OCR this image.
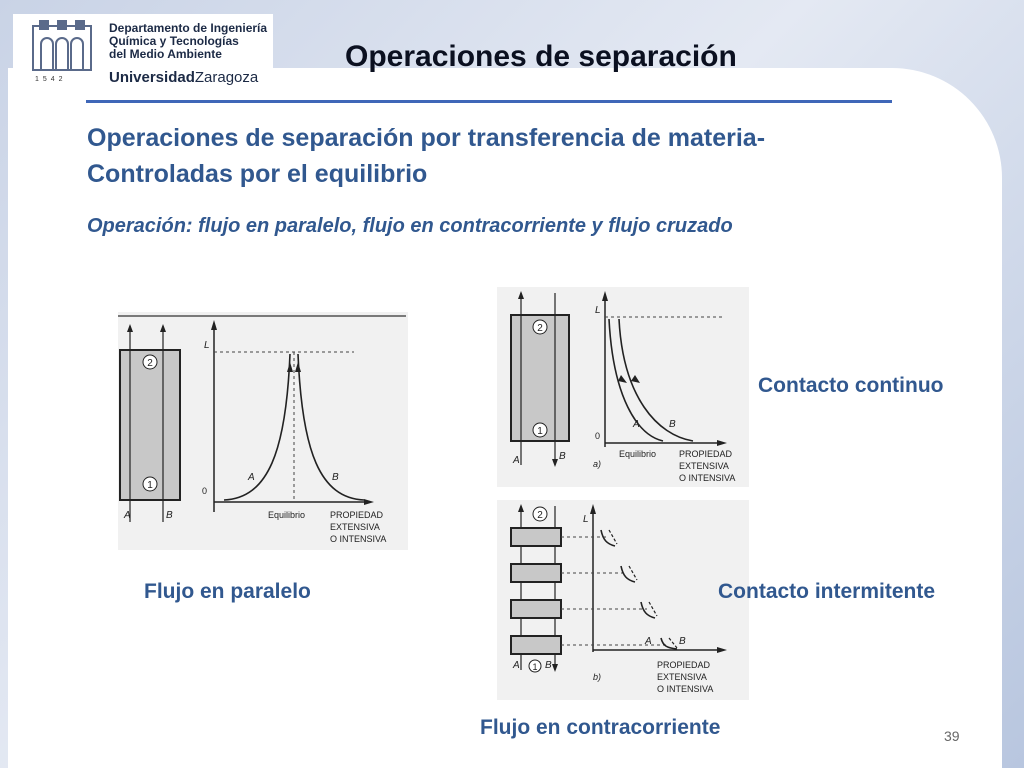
Departamento de Ingeniería
Química y Tecnologías
del Medio Ambiente
UniversidadZaragoza
1542
Operaciones de separación
Operaciones de separación por transferencia de materia-
Controladas por el equilibrio
Operación: flujo en paralelo, flujo en contracorriente y flujo cruzado
2
1
A	B
L
0
A	B
Equilibrio	PROPIEDAD
EXTENSIVA
O INTENSIVA
2
1
A	B
L
0
A	B
a)
Equilibrio	PROPIEDAD
EXTENSIVA
O INTENSIVA
2
1
A	B
L
A	B
b)
PROPIEDAD
EXTENSIVA
O INTENSIVA
Flujo en paralelo
Contacto continuo
Contacto intermitente
Flujo en contracorriente	39
